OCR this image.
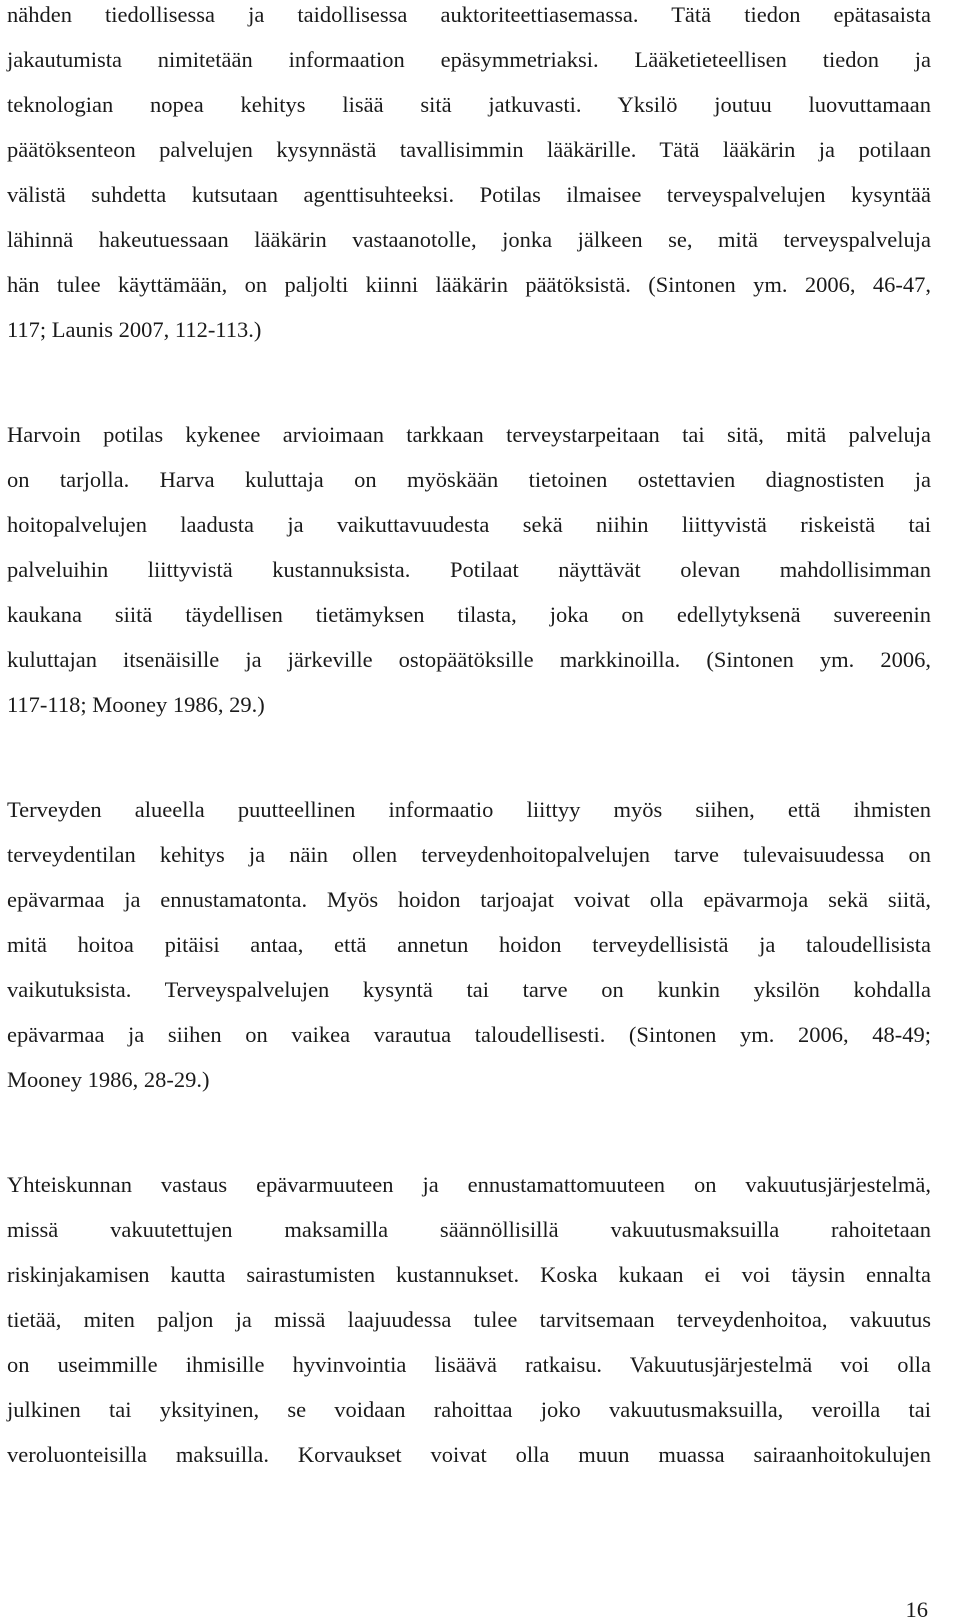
nähden tiedollisessa ja taidollisessa auktoriteettiasemassa. Tätä tiedon epätasaista
jakautumista nimitetään informaation epäsymmetriaksi. Lääketieteellisen tiedon ja
teknologian nopea kehitys lisää sitä jatkuvasti. Yksilö joutuu luovuttamaan
päätöksenteon palvelujen kysynnästä tavallisimmin lääkärille. Tätä lääkärin ja potilaan
välistä suhdetta kutsutaan agenttisuhteeksi. Potilas ilmaisee terveyspalvelujen kysyntää
lähinnä hakeutuessaan lääkärin vastaanotolle, jonka jälkeen se, mitä terveyspalveluja
hän tulee käyttämään, on paljolti kiinni lääkärin päätöksistä. (Sintonen ym. 2006, 46-47,
117; Launis 2007, 112-113.)
Harvoin potilas kykenee arvioimaan tarkkaan terveystarpeitaan tai sitä, mitä palveluja
on tarjolla. Harva kuluttaja on myöskään tietoinen ostettavien diagnostisten ja
hoitopalvelujen laadusta ja vaikuttavuudesta sekä niihin liittyvistä riskeistä tai
palveluihin liittyvistä kustannuksista. Potilaat näyttävät olevan mahdollisimman
kaukana siitä täydellisen tietämyksen tilasta, joka on edellytyksenä suvereenin
kuluttajan itsenäisille ja järkeville ostopäätöksille markkinoilla. (Sintonen ym. 2006,
117-118; Mooney 1986, 29.)
Terveyden alueella puutteellinen informaatio liittyy myös siihen, että ihmisten
terveydentilan kehitys ja näin ollen terveydenhoitopalvelujen tarve tulevaisuudessa on
epävarmaa ja ennustamatonta. Myös hoidon tarjoajat voivat olla epävarmoja sekä siitä,
mitä hoitoa pitäisi antaa, että annetun hoidon terveydellisistä ja taloudellisista
vaikutuksista. Terveyspalvelujen kysyntä tai tarve on kunkin yksilön kohdalla
epävarmaa ja siihen on vaikea varautua taloudellisesti. (Sintonen ym. 2006, 48-49;
Mooney 1986, 28-29.)
Yhteiskunnan vastaus epävarmuuteen ja ennustamattomuuteen on vakuutusjärjestelmä,
missä vakuutettujen maksamilla säännöllisillä vakuutusmaksuilla rahoitetaan
riskinjakamisen kautta sairastumisten kustannukset. Koska kukaan ei voi täysin ennalta
tietää, miten paljon ja missä laajuudessa tulee tarvitsemaan terveydenhoitoa, vakuutus
on useimmille ihmisille hyvinvointia lisäävä ratkaisu. Vakuutusjärjestelmä voi olla
julkinen tai yksityinen, se voidaan rahoittaa joko vakuutusmaksuilla, veroilla tai
veroluonteisilla maksuilla. Korvaukset voivat olla muun muassa sairaanhoitokulujen
16
